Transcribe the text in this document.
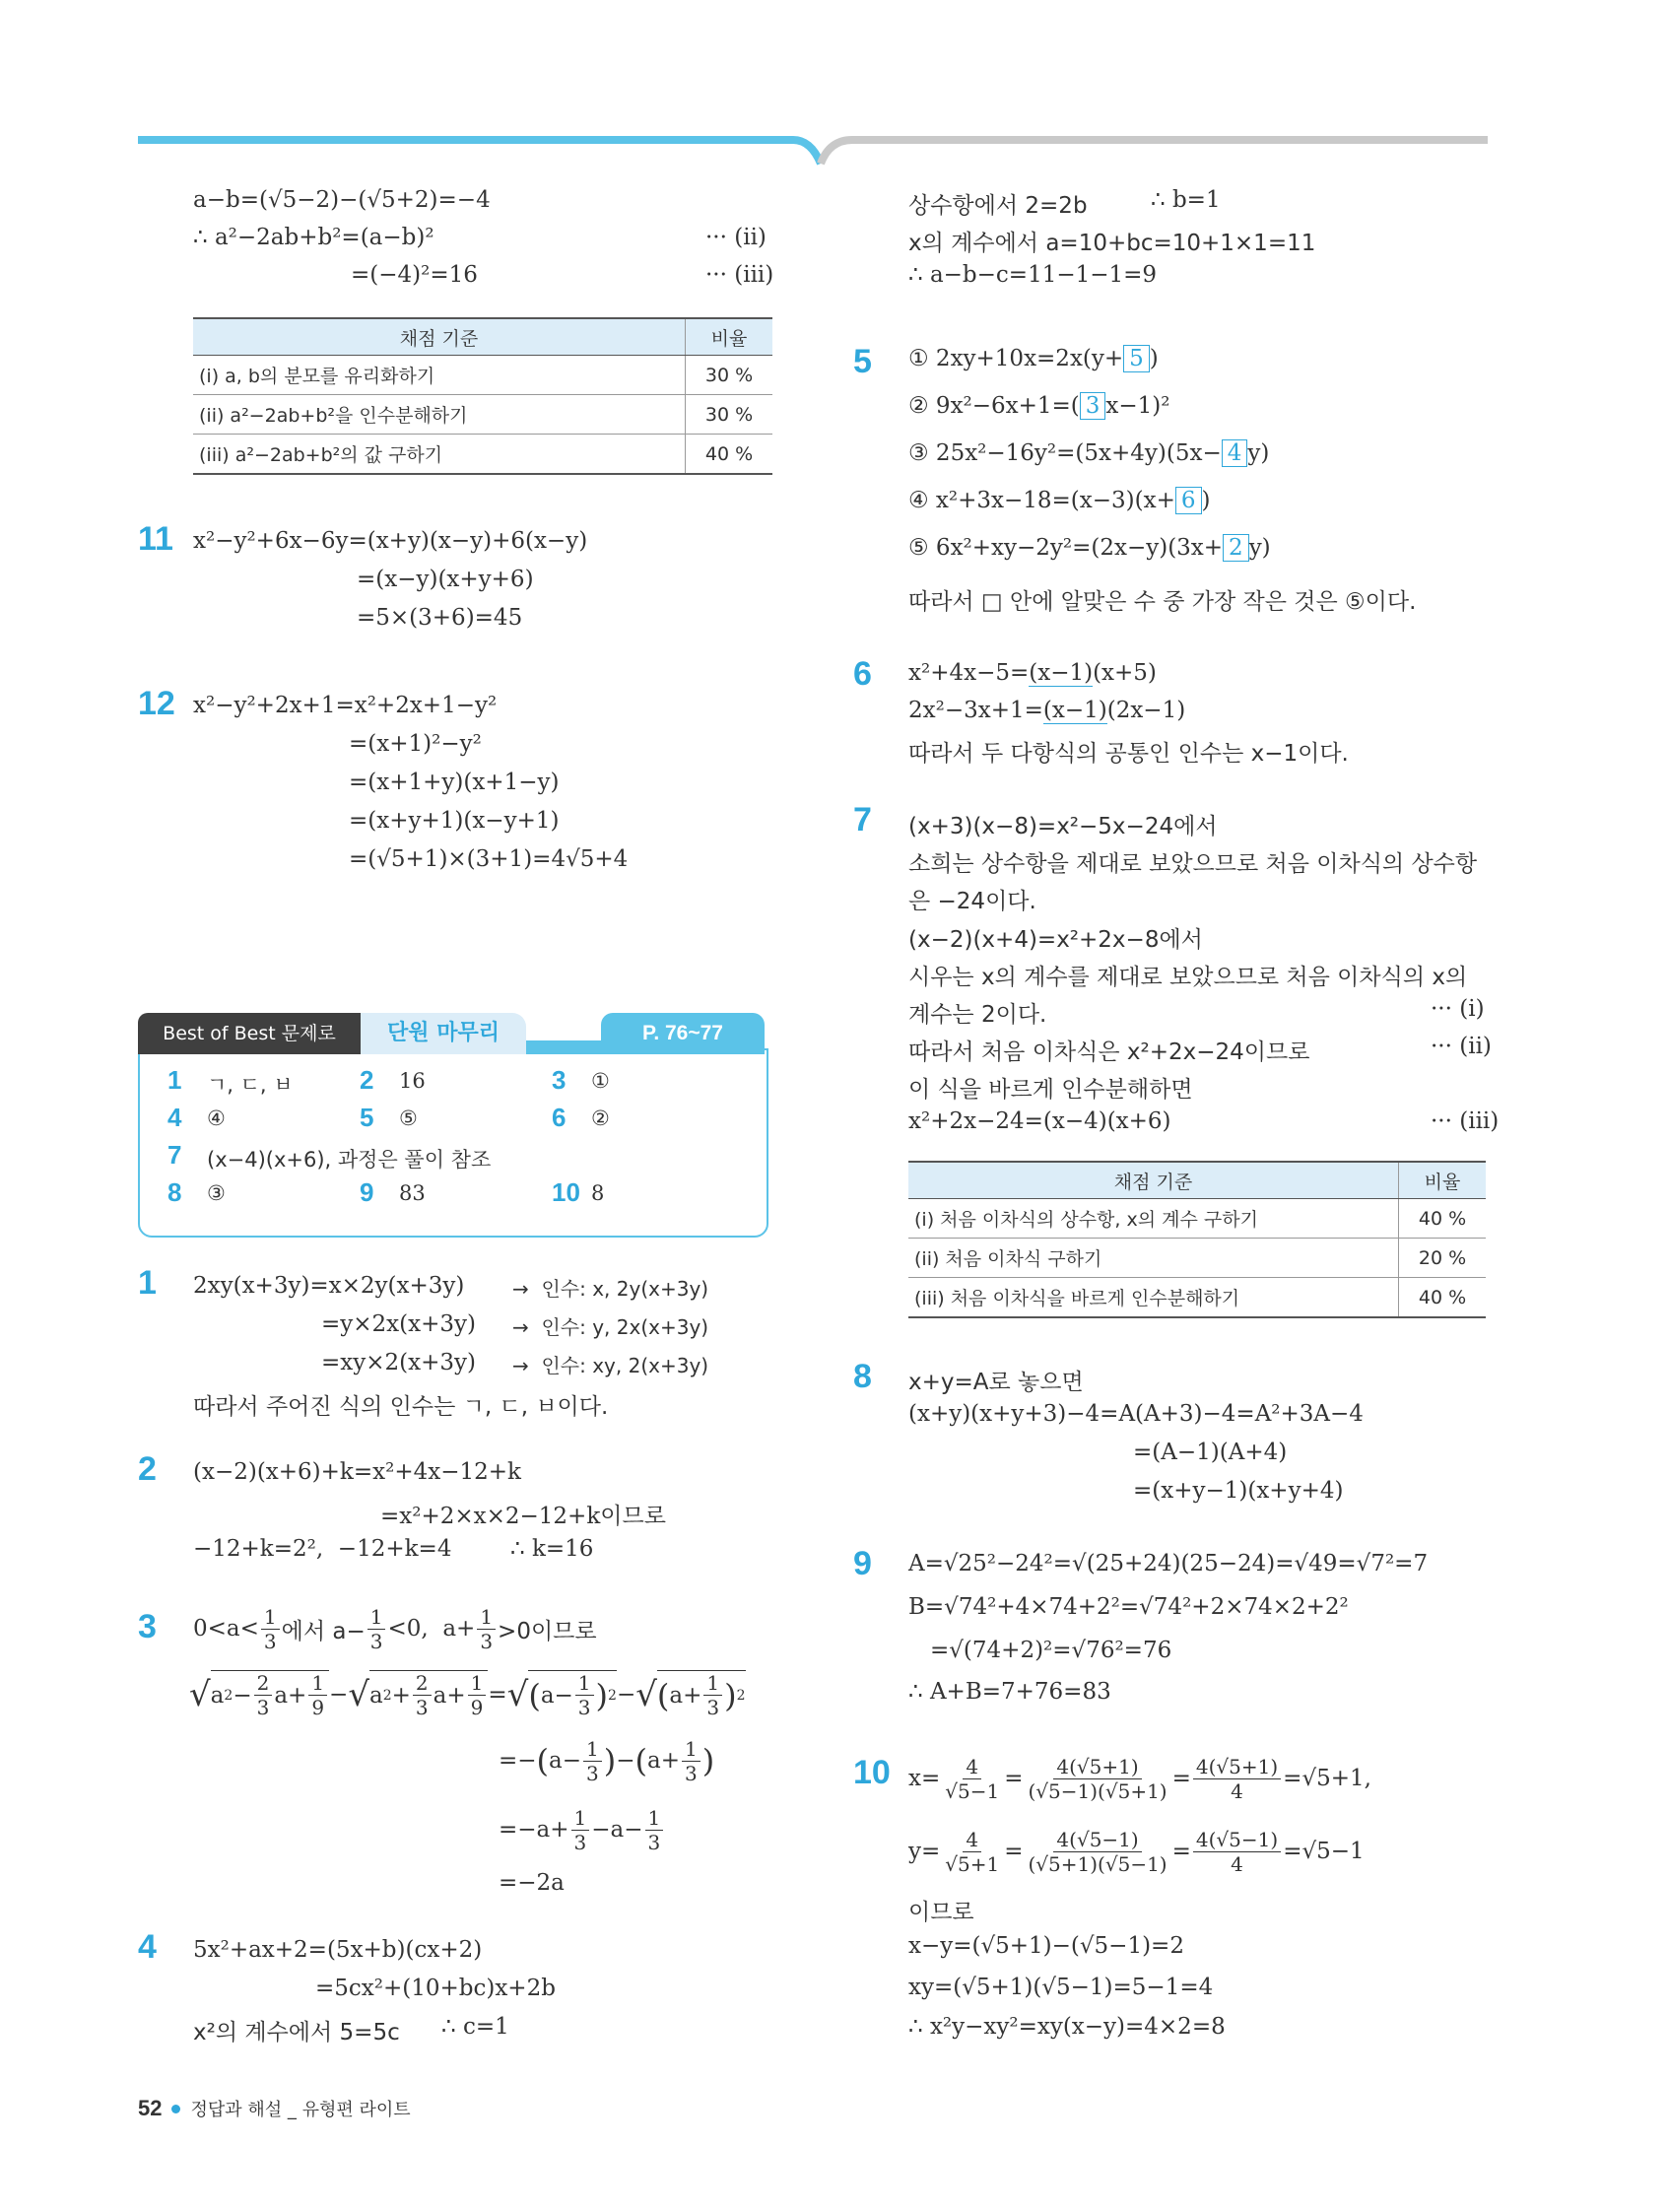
a−b=(√5−2)−(√5+2)=−4

∴ a²−2ab+b²=(a−b)²

	··· (ii)

=(−4)²=16

	··· (iii)

채점 기준	비율
(i) a, b의 분모를 유리화하기	30 %
(ii) a²−2ab+b²을 인수분해하기	30 %
(iii) a²−2ab+b²의 값 구하기	40 %
11

x²−y²+6x−6y=(x+y)(x−y)+6(x−y)

=(x−y)(x+y+6)

=5×(3+6)=45

12

x²−y²+2x+1=x²+2x+1−y²

=(x+1)²−y²

=(x+1+y)(x+1−y)

=(x+y+1)(x−y+1)

=(√5+1)×(3+1)=4√5+4

Best of Best 문제로	단원 마무리	P. 76~77
1 ㄱ, ㄷ, ㅂ	2 16	3 ①
4 ④	5 ⑤	6 ②
7 (x−4)(x+6), 과정은 풀이 참조
8 ③	9 83	10 8
1

2xy(x+3y)=x×2y(x+3y)

→  인수: x, 2y(x+3y)

=y×2x(x+3y)

→  인수: y, 2x(x+3y)

=xy×2(x+3y)

→  인수: xy, 2(x+3y)

따라서 주어진 식의 인수는 ㄱ, ㄷ, ㅂ이다.

2

(x−2)(x+6)+k=x²+4x−12+k

=x²+2×x×2−12+k이므로

−12+k=2²,  −12+k=4

	∴ k=16

3 $0<a< \frac{1}{3}$ 에서 $a- \frac{1}{3} <0$,  $a+ \frac{1}{3} >0$이므로
√ a $2 - \frac{2}{3} a+ \frac{1}{9}$ − √ a $2 + \frac{2}{3} a+ \frac{1}{9}$ = √ ( $a- \frac{1}{3}$ ) 2 − √ ( $a+ \frac{1}{3}$ ) 2
=− ( $a- \frac{1}{3}$ ) − ( $a+ \frac{1}{3}$ )
$=-a+ \frac{1}{3} -a- \frac{1}{3}$
=−2a
4

5x²+ax+2=(5x+b)(cx+2)

=5cx²+(10+bc)x+2b

x²의 계수에서 5=5c

∴ c=1

상수항에서 2=2b

	∴ b=1

x의 계수에서 a=10+bc=10+1×1=11

∴ a−b−c=11−1−1=9

5

① 2xy+10x=2x(y+ 5 )

② 9x²−6x+1=( 3 x−1)²

③ 25x²−16y²=(5x+4y)(5x− 4 y)

④ x²+3x−18=(x−3)(x+ 6 )

⑤ 6x²+xy−2y²=(2x−y)(3x+ 2 y)

따라서 □ 안에 알맞은 수 중 가장 작은 것은 ⑤이다.

6

x²+4x−5=(x−1)(x+5)

2x²−3x+1=(x−1)(2x−1)

따라서 두 다항식의 공통인 인수는 x−1이다.

7

(x+3)(x−8)=x²−5x−24에서

소희는 상수항을 제대로 보았으므로 처음 이차식의 상수항

은 −24이다.

(x−2)(x+4)=x²+2x−8에서

시우는 x의 계수를 제대로 보았으므로 처음 이차식의 x의

계수는 2이다.

	··· (i)

따라서 처음 이차식은 x²+2x−24이므로

	··· (ii)

이 식을 바르게 인수분해하면

x²+2x−24=(x−4)(x+6)

	··· (iii)

채점 기준	비율
(i) 처음 이차식의 상수항, x의 계수 구하기	40 %
(ii) 처음 이차식 구하기	20 %
(iii) 처음 이차식을 바르게 인수분해하기	40 %
8

x+y=A로 놓으면

(x+y)(x+y+3)−4=A(A+3)−4=A²+3A−4

=(A−1)(A+4)

=(x+y−1)(x+y+4)

9

A=√25²−24²=√(25+24)(25−24)=√49=√7²=7

B=√74²+4×74+2²=√74²+2×74×2+2²

=√(74+2)²=√76²=76

∴ A+B=7+76=83

10 $x= \frac{4}{√5-1} = \frac{4(√5+1)}{(√5-1)(√5+1)} = \frac{4(√5+1)}{4} =√5+1$,
$y= \frac{4}{√5+1} = \frac{4(√5-1)}{(√5+1)(√5-1)} = \frac{4(√5-1)}{4} =√5-1$

이므로

x−y=(√5+1)−(√5−1)=2

xy=(√5+1)(√5−1)=5−1=4

∴ x²y−xy²=xy(x−y)=4×2=8

52 정답과 해설 _ 유형편 라이트
